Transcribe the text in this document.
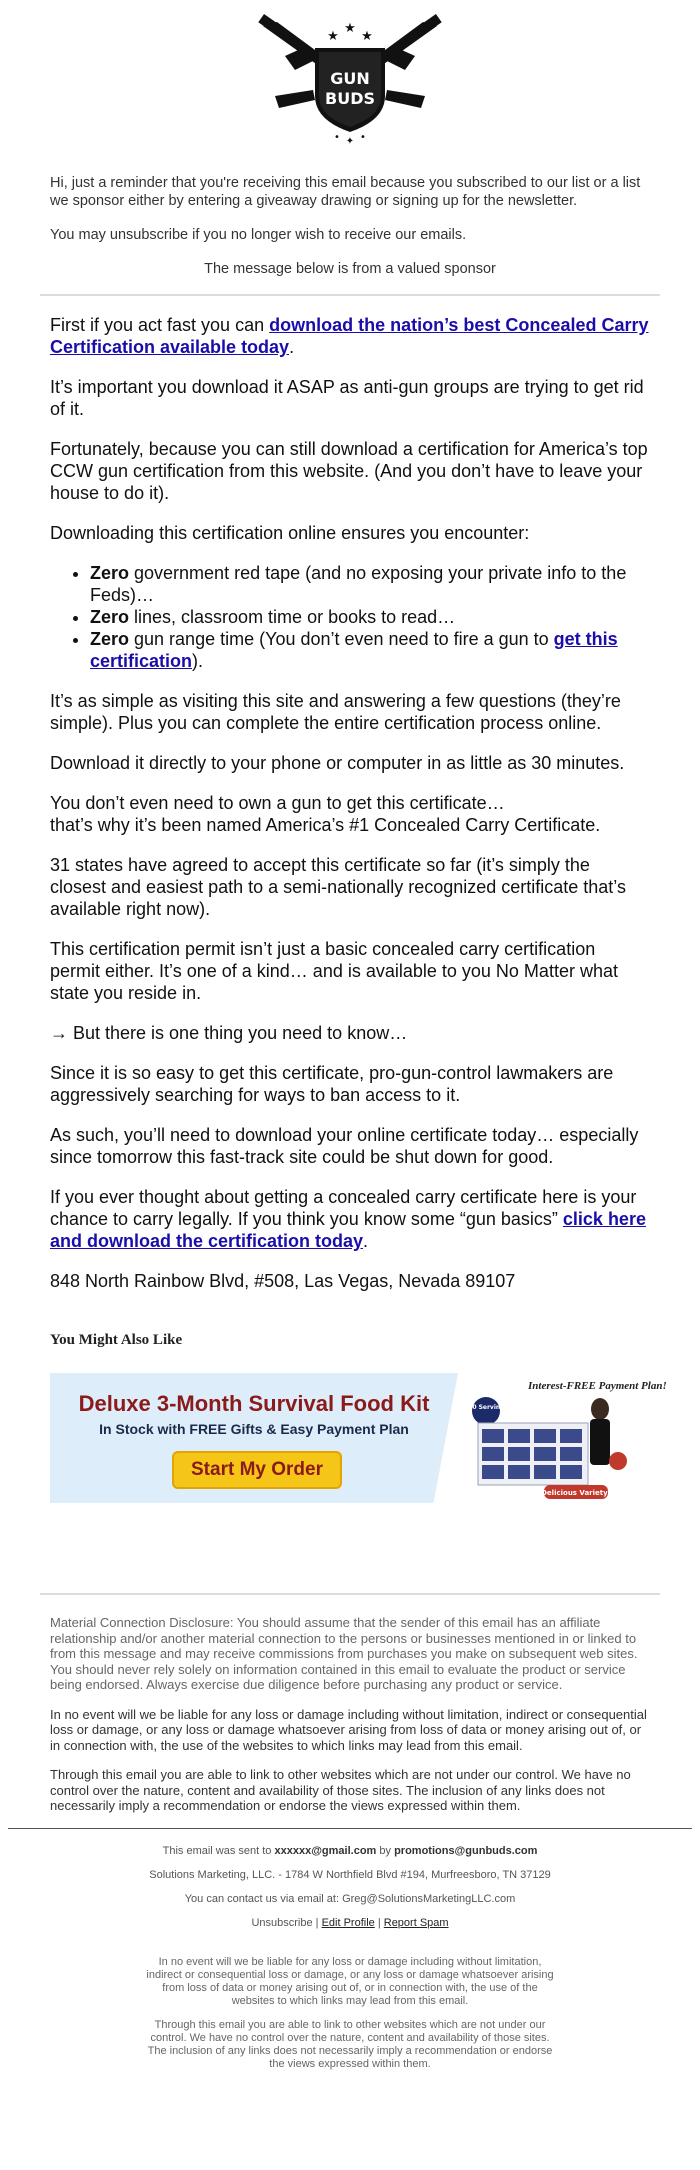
★
★
★
GUN
BUDS
✦
• •

Hi, just a reminder that you're receiving this email because you subscribed to our list or a list we sponsor either by entering a giveaway drawing or signing up for the newsletter.

You may unsubscribe if you no longer wish to receive our emails.

The message below is from a valued sponsor

First if you act fast you can download the nation’s best Concealed Carry Certification available today.

It’s important you download it ASAP as anti-gun groups are trying to get rid of it.

Fortunately, because you can still download a certification for America’s top CCW gun certification from this website. (And you don’t have to leave your house to do it).

Downloading this certification online ensures you encounter:

• Zero government red tape (and no exposing your private info to the Feds)…
• Zero lines, classroom time or books to read…
• Zero gun range time (You don’t even need to fire a gun to get this certification).

It’s as simple as visiting this site and answering a few questions (they’re simple). Plus you can complete the entire certification process online.

Download it directly to your phone or computer in as little as 30 minutes.

You don’t even need to own a gun to get this certificate…
that’s why it’s been named America’s #1 Concealed Carry Certificate.

31 states have agreed to accept this certificate so far (it’s simply the closest and easiest path to a semi-nationally recognized certificate that’s available right now).

This certification permit isn’t just a basic concealed carry certification permit either. It’s one of a kind… and is available to you No Matter what state you reside in.

→ But there is one thing you need to know…

Since it is so easy to get this certificate, pro-gun-control lawmakers are aggressively searching for ways to ban access to it.

As such, you’ll need to download your online certificate today… especially since tomorrow this fast-track site could be shut down for good.

If you ever thought about getting a concealed carry certificate here is your chance to carry legally. If you think you know some “gun basics” click here and download the certification today.

848 North Rainbow Blvd, #508, Las Vegas, Nevada 89107

You Might Also Like
Deluxe 3-Month Survival Food Kit
In Stock with FREE Gifts & Easy Payment Plan
Start My Order
Interest-FREE Payment Plan!
500 Servings
Delicious Variety!

Material Connection Disclosure: You should assume that the sender of this email has an affiliate relationship and/or another material connection to the persons or businesses mentioned in or linked to from this message and may receive commissions from purchases you make on subsequent web sites. You should never rely solely on information contained in this email to evaluate the product or service being endorsed. Always exercise due diligence before purchasing any product or service.

In no event will we be liable for any loss or damage including without limitation, indirect or consequential loss or damage, or any loss or damage whatsoever arising from loss of data or money arising out of, or in connection with, the use of the websites to which links may lead from this email.

Through this email you are able to link to other websites which are not under our control. We have no control over the nature, content and availability of those sites. The inclusion of any links does not necessarily imply a recommendation or endorse the views expressed within them.

This email was sent to xxxxxx@gmail.com by promotions@gunbuds.com

Solutions Marketing, LLC. - 1784 W Northfield Blvd #194, Murfreesboro, TN 37129

You can contact us via email at: Greg@SolutionsMarketingLLC.com

Unsubscribe | Edit Profile | Report Spam

In no event will we be liable for any loss or damage including without limitation, indirect or consequential loss or damage, or any loss or damage whatsoever arising from loss of data or money arising out of, or in connection with, the use of the websites to which links may lead from this email.

Through this email you are able to link to other websites which are not under our control. We have no control over the nature, content and availability of those sites. The inclusion of any links does not necessarily imply a recommendation or endorse the views expressed within them.
